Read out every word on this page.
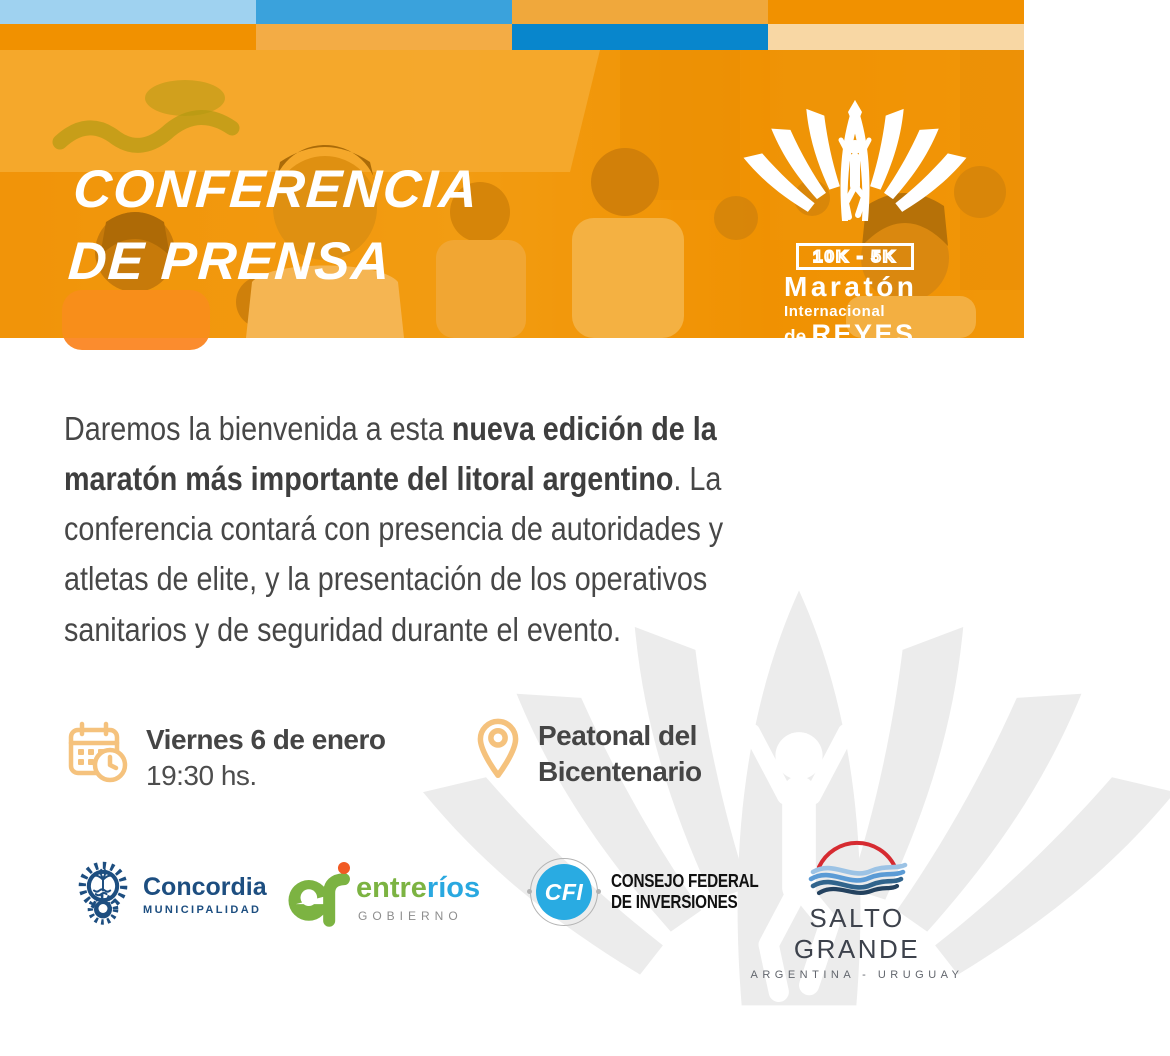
CONFERENCIA
DE PRENSA	10K - 5K
Maratón
Internacional
de REYES
concordia
Daremos la bienvenida a esta nueva edición de la
maratón más importante del litoral argentino. La
conferencia contará con presencia de autoridades y
atletas de elite, y la presentación de los operativos
sanitarios y de seguridad durante el evento.
Viernes 6 de enero
19:30 hs.
Peatonal del
Bicentenario
Concordia
MUNICIPALIDAD
entreríos
GOBIERNO
CFI	CONSEJO FEDERAL
DE INVERSIONES
SALTO GRANDE
ARGENTINA - URUGUAY
